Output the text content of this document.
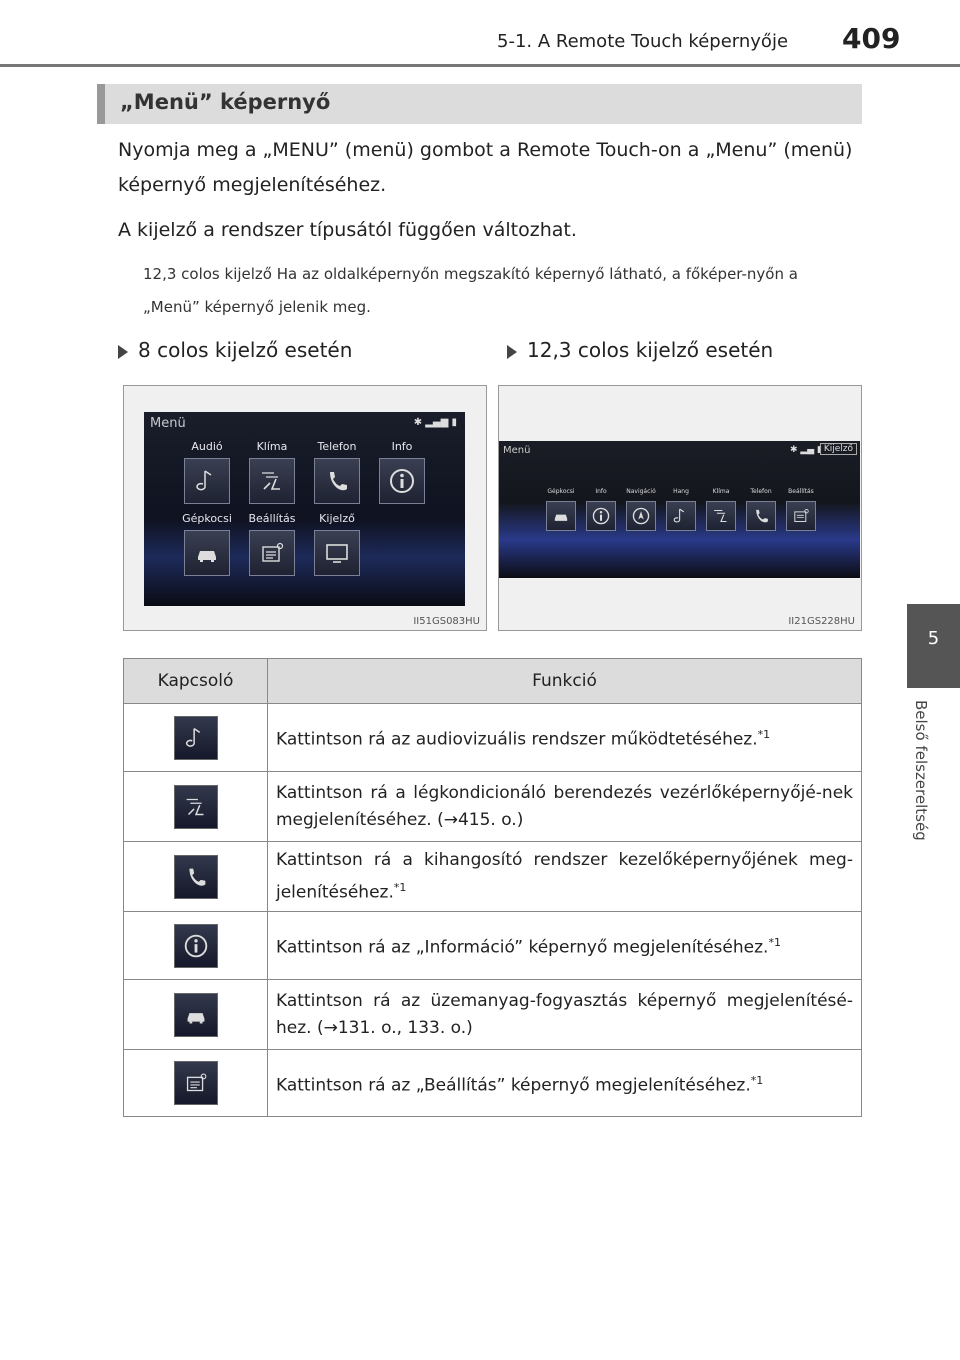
5-1. A Remote Touch képernyője 409
5
Belső felszereltség
„Menü” képernyő
Nyomja meg a „MENU” (menü) gombot a Remote Touch-on a „Menu” (menü) képernyő megjelenítéséhez.
A kijelző a rendszer típusától függően változhat.
12,3 colos kijelző Ha az oldalképernyőn megszakító képernyő látható, a főképer-nyőn a „Menü” képernyő jelenik meg.
8 colos kijelző esetén	12,3 colos kijelző esetén
Menü	✱ ▂▄▆ ▮
Audió	Klíma	Telefon	Info
Gépkocsi	Beállítás	Kijelző
II51GS083HU
Menü	✱ ▂▄ ▮ Kijelző
Gépkocsi	Info	Navigáció	Hang	Klíma	Telefon	Beállítás
II21GS228HU
Kapcsoló	Funkció

	Kattintson rá az audiovizuális rendszer működtetéséhez.$^{*1}$

	Kattintson rá a légkondicionáló berendezés vezérlőképernyőjé-nek megjelenítéséhez. (→415. o.)

	Kattintson rá a kihangosító rendszer kezelőképernyőjének meg-jelenítéséhez.$^{*1}$

	Kattintson rá az „Információ” képernyő megjelenítéséhez.$^{*1}$

	Kattintson rá az üzemanyag-fogyasztás képernyő megjelenítésé-hez. (→131. o., 133. o.)

	Kattintson rá az „Beállítás” képernyő megjelenítéséhez.$^{*1}$
